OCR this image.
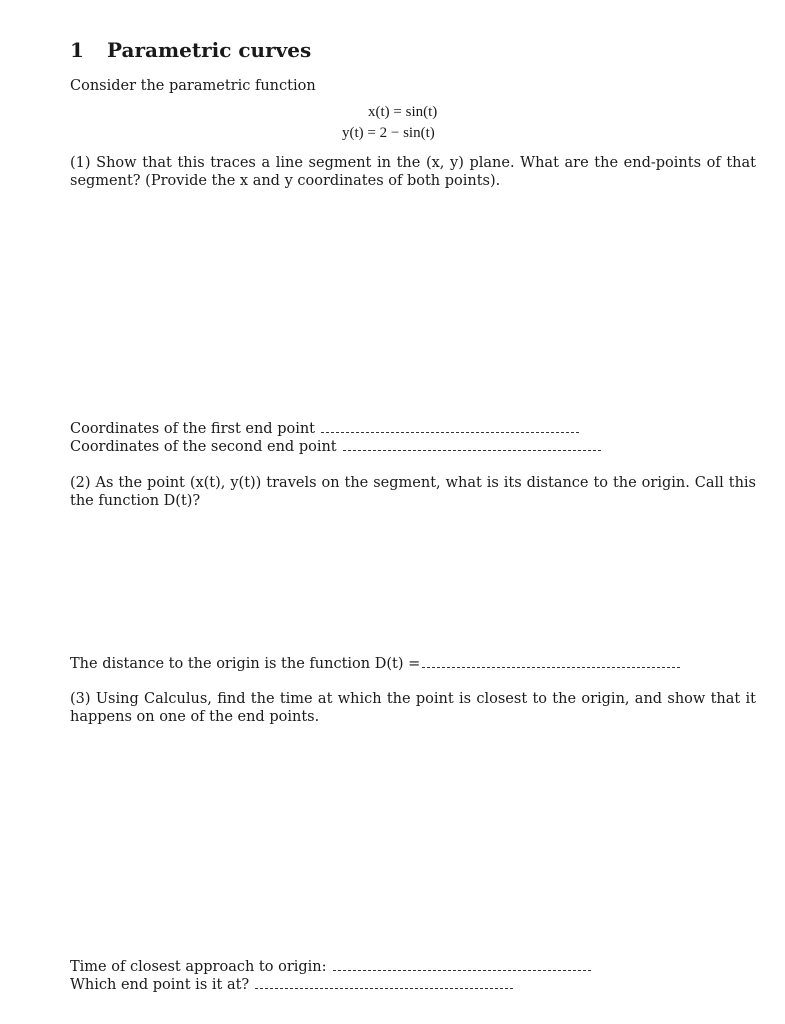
1 Parametric curves
Consider the parametric function
x(t) = sin(t)
y(t) = 2 − sin(t)
(1) Show that this traces a line segment in the (x, y) plane. What are the end-points of that segment? (Provide the x and y coordinates of both points).
Coordinates of the first end point
Coordinates of the second end point
(2) As the point (x(t), y(t)) travels on the segment, what is its distance to the origin. Call this the function D(t)?
The distance to the origin is the function D(t) =
(3) Using Calculus, find the time at which the point is closest to the origin, and show that it happens on one of the end points.
Time of closest approach to origin:
Which end point is it at?
